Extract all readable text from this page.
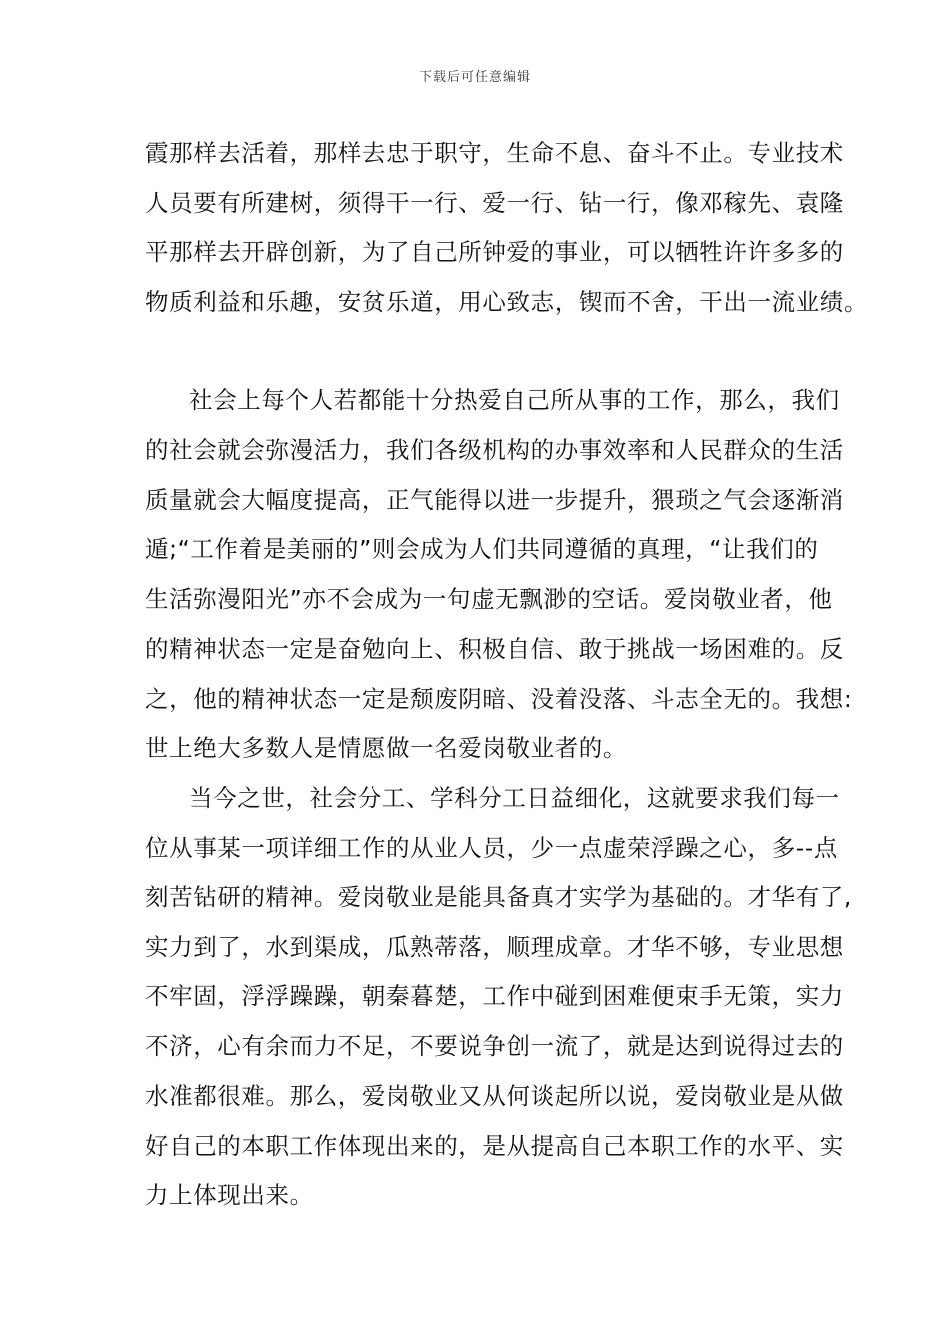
下载后可任意编辑
霞那样去活着，那样去忠于职守，生命不息、奋斗不止。专业技术
人员要有所建树，须得干一行、爱一行、钻一行，像邓稼先、袁隆
平那样去开辟创新，为了自己所钟爱的事业，可以牺牲许许多多的
物质利益和乐趣，安贫乐道，用心致志，锲而不舍，干出一流业绩。
社会上每个人若都能十分热爱自己所从事的工作，那么，我们
的社会就会弥漫活力，我们各级机构的办事效率和人民群众的生活
质量就会大幅度提高，正气能得以进一步提升，猥琐之气会逐渐消
遁;“工作着是美丽的”则会成为人们共同遵循的真理，“让我们的
生活弥漫阳光”亦不会成为一句虚无飘渺的空话。爱岗敬业者，他
的精神状态一定是奋勉向上、积极自信、敢于挑战一场困难的。反
之，他的精神状态一定是颓废阴暗、没着没落、斗志全无的。我想:
世上绝大多数人是情愿做一名爱岗敬业者的。
当今之世，社会分工、学科分工日益细化，这就要求我们每一
位从事某一项详细工作的从业人员，少一点虚荣浮躁之心，多--点
刻苦钻研的精神。爱岗敬业是能具备真才实学为基础的。才华有了,
实力到了，水到渠成，瓜熟蒂落，顺理成章。才华不够，专业思想
不牢固，浮浮躁躁，朝秦暮楚，工作中碰到困难便束手无策，实力
不济，心有余而力不足，不要说争创一流了，就是达到说得过去的
水准都很难。那么，爱岗敬业又从何谈起所以说，爱岗敬业是从做
好自己的本职工作体现出来的，是从提高自己本职工作的水平、实
力上体现出来。
